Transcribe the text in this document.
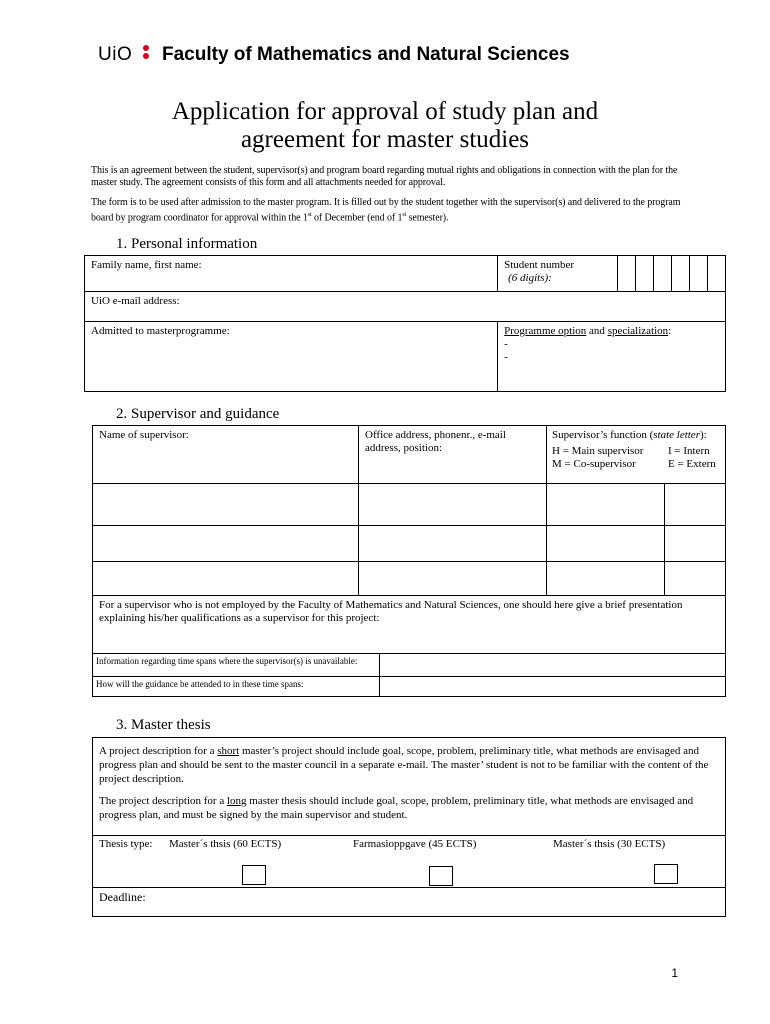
UiO Faculty of Mathematics and Natural Sciences
Application for approval of study plan and
agreement for master studies
This is an agreement between the student, supervisor(s) and program board regarding mutual rights and obligations in connection with the plan for the master study. The agreement consists of this form and all attachments needed for approval.
The form is to be used after admission to the master program. It is filled out by the student together with the supervisor(s) and delivered to the program board by program coordinator for approval within the 1st of December (end of 1st semester).
1. Personal information
Family name, first name:	Student number
(6 digits):						

UiO e-mail address:							
Admitted to masterprogramme:	Programme option and specialization:
-
-						
2. Supervisor and guidance
Name of supervisor:	Office address, phonenr., e-mail address, position:	Supervisor’s function (state letter):
H = Main supervisor I = Intern
M = Co-supervisor E = Extern	

For a supervisor who is not employed by the Faculty of Mathematics and Natural Sciences, one should here give a brief presentation explaining his/her qualifications as a supervisor for this project:			
Information regarding time spans where the supervisor(s) is unavailable:	
How will the guidance be attended to in these time spans:	
3. Master thesis
A project description for a short master’s project should include goal, scope, problem, preliminary title, what methods are envisaged and progress plan and should be sent to the master council in a separate e-mail. The master’ student is not to be familiar with the content of the project description.
The project description for a long master thesis should include goal, scope, problem, preliminary title, what methods are envisaged and progress plan, and must be signed by the main supervisor and student.
Thesis type: Master´s thsis (60 ECTS)	Farmasioppgave (45 ECTS)	Master´s thsis (30 ECTS)
Deadline:
1
